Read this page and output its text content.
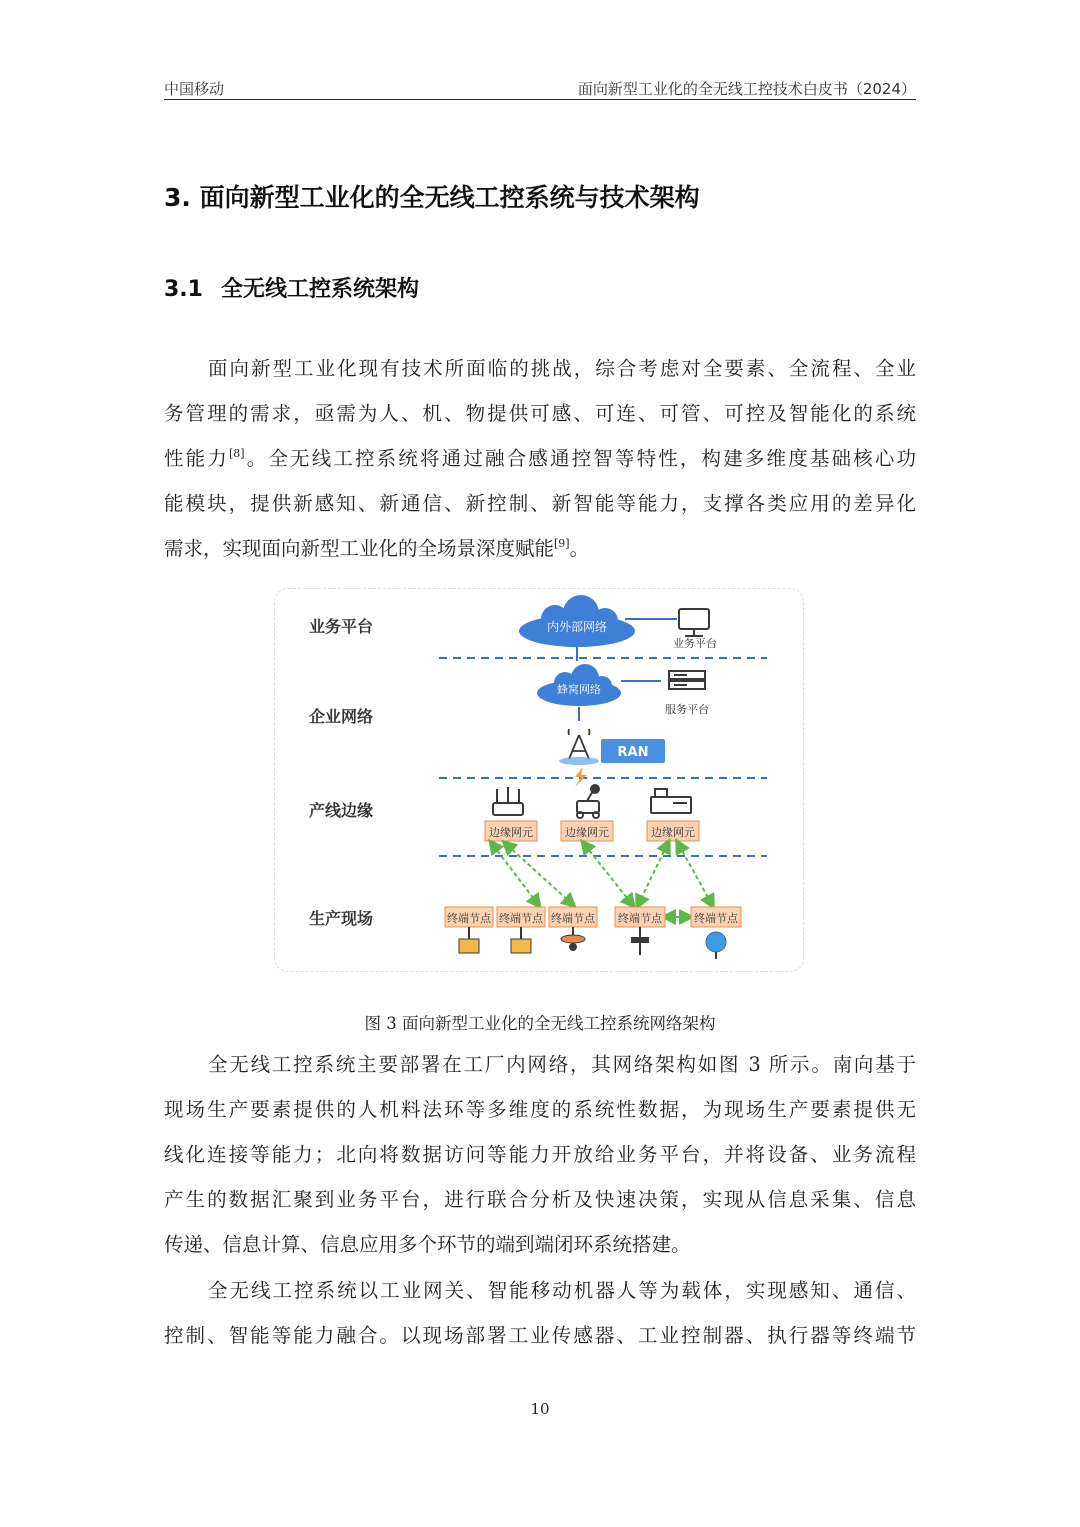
中国移动	面向新型工业化的全无线工控技术白皮书（2024）
3. 面向新型工业化的全无线工控系统与技术架构
3.1 全无线工控系统架构
面向新型工业化现有技术所面临的挑战，综合考虑对全要素、全流程、全业
务管理的需求，亟需为人、机、物提供可感、可连、可管、可控及智能化的系统
性能力[8]。全无线工控系统将通过融合感通控智等特性，构建多维度基础核心功
能模块，提供新感知、新通信、新控制、新智能等能力，支撑各类应用的差异化
需求，实现面向新型工业化的全场景深度赋能[9]。
业务平台
企业网络
产线边缘
生产现场
内外部网络
业务平台
蜂窝网络
服务平台
RAN
边缘网元	边缘网元	边缘网元
终端节点 终端节点 终端节点 终端节点	终端节点
图 3 面向新型工业化的全无线工控系统网络架构
全无线工控系统主要部署在工厂内网络，其网络架构如图 3 所示。南向基于
现场生产要素提供的人机料法环等多维度的系统性数据，为现场生产要素提供无
线化连接等能力；北向将数据访问等能力开放给业务平台，并将设备、业务流程
产生的数据汇聚到业务平台，进行联合分析及快速决策，实现从信息采集、信息
传递、信息计算、信息应用多个环节的端到端闭环系统搭建。
全无线工控系统以工业网关、智能移动机器人等为载体，实现感知、通信、
控制、智能等能力融合。以现场部署工业传感器、工业控制器、执行器等终端节
10
